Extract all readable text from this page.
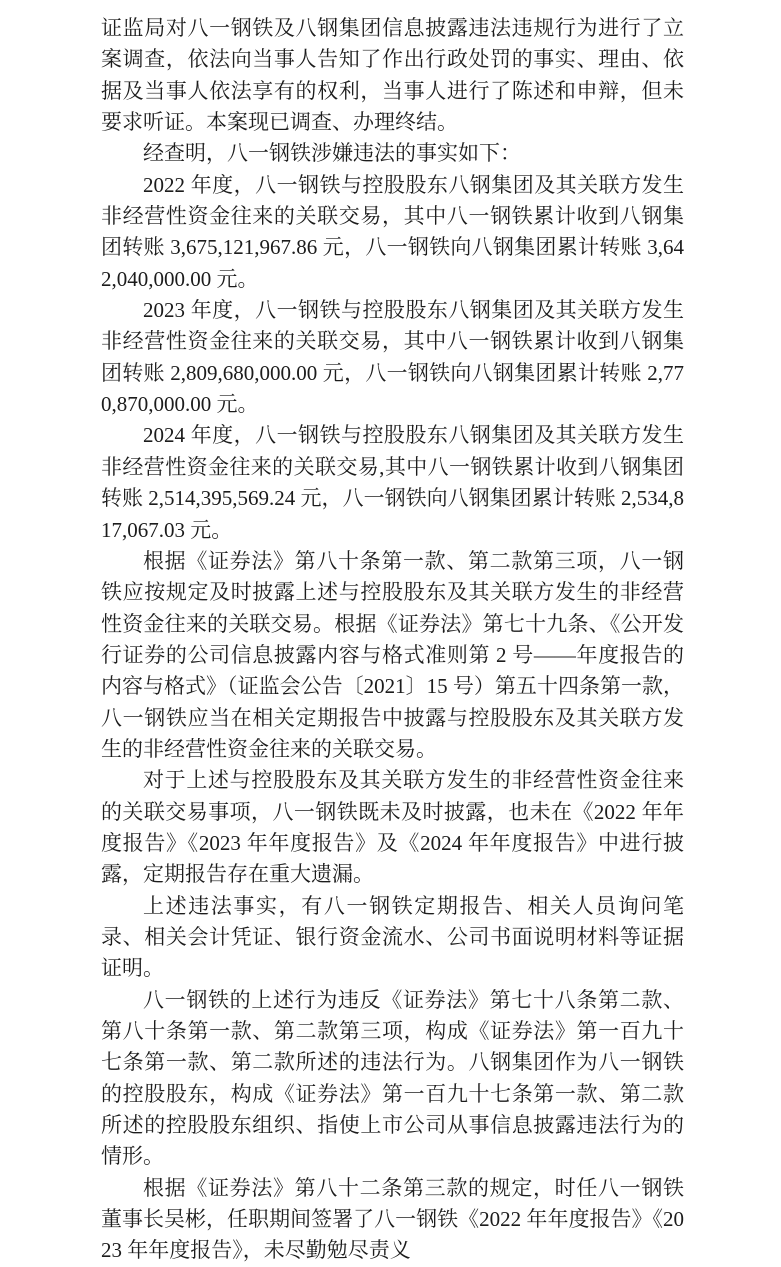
证监局对八一钢铁及八钢集团信息披露违法违规行为进行了立案调查，依法向当事人告知了作出行政处罚的事实、理由、依据及当事人依法享有的权利，当事人进行了陈述和申辩，但未要求听证。本案现已调查、办理终结。

经查明，八一钢铁涉嫌违法的事实如下：

2022 年度，八一钢铁与控股股东八钢集团及其关联方发生非经营性资金往来的关联交易，其中八一钢铁累计收到八钢集团转账 3,675,121,967.86 元，八一钢铁向八钢集团累计转账 3,642,040,000.00 元。

2023 年度，八一钢铁与控股股东八钢集团及其关联方发生非经营性资金往来的关联交易，其中八一钢铁累计收到八钢集团转账 2,809,680,000.00 元，八一钢铁向八钢集团累计转账 2,770,870,000.00 元。

2024 年度，八一钢铁与控股股东八钢集团及其关联方发生非经营性资金往来的关联交易,其中八一钢铁累计收到八钢集团转账 2,514,395,569.24 元，八一钢铁向八钢集团累计转账 2,534,817,067.03 元。

根据《证券法》第八十条第一款、第二款第三项，八一钢铁应按规定及时披露上述与控股股东及其关联方发生的非经营性资金往来的关联交易。根据《证券法》第七十九条、《公开发行证券的公司信息披露内容与格式准则第 2 号——年度报告的内容与格式》（证监会公告〔2021〕15 号）第五十四条第一款，八一钢铁应当在相关定期报告中披露与控股股东及其关联方发生的非经营性资金往来的关联交易。

对于上述与控股股东及其关联方发生的非经营性资金往来的关联交易事项，八一钢铁既未及时披露，也未在《2022 年年度报告》《2023 年年度报告》及《2024 年年度报告》中进行披露，定期报告存在重大遗漏。

上述违法事实，有八一钢铁定期报告、相关人员询问笔录、相关会计凭证、银行资金流水、公司书面说明材料等证据证明。

八一钢铁的上述行为违反《证券法》第七十八条第二款、第八十条第一款、第二款第三项，构成《证券法》第一百九十七条第一款、第二款所述的违法行为。八钢集团作为八一钢铁的控股股东，构成《证券法》第一百九十七条第一款、第二款所述的控股股东组织、指使上市公司从事信息披露违法行为的情形。

根据《证券法》第八十二条第三款的规定，时任八一钢铁董事长吴彬，任职期间签署了八一钢铁《2022 年年度报告》《2023 年年度报告》，未尽勤勉尽责义
